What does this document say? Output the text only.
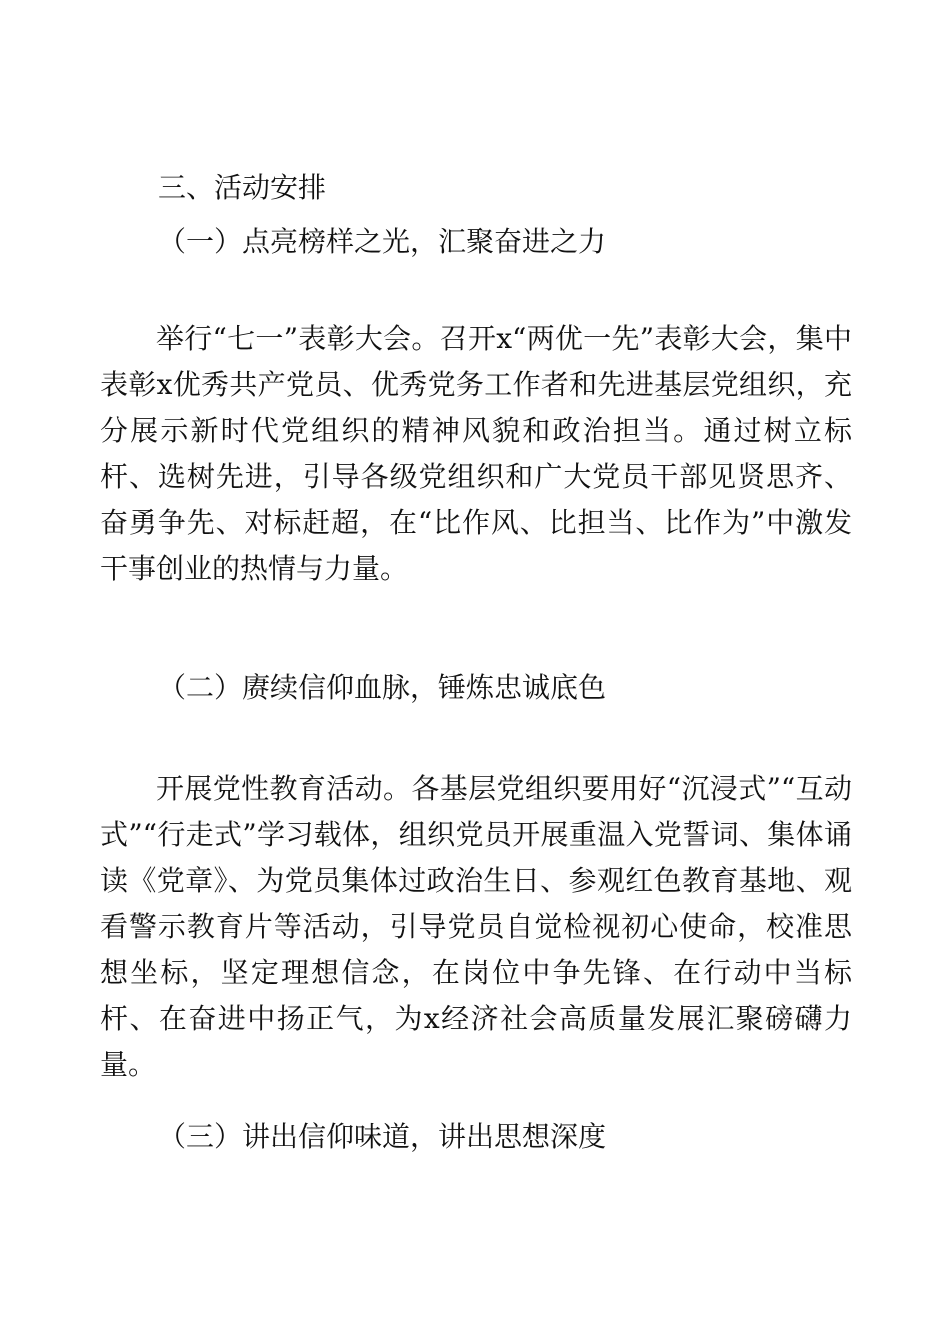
三、活动安排
（一）点亮榜样之光，汇聚奋进之力
举行“七一”表彰大会。召开x“两优一先”表彰大会，集中表彰x优秀共产党员、优秀党务工作者和先进基层党组织，充分展示新时代党组织的精神风貌和政治担当。通过树立标杆、选树先进，引导各级党组织和广大党员干部见贤思齐、奋勇争先、对标赶超，在“比作风、比担当、比作为”中激发干事创业的热情与力量。
（二）赓续信仰血脉，锤炼忠诚底色
开展党性教育活动。各基层党组织要用好“沉浸式”“互动式”“行走式”学习载体，组织党员开展重温入党誓词、集体诵读《党章》、为党员集体过政治生日、参观红色教育基地、观看警示教育片等活动，引导党员自觉检视初心使命，校准思想坐标，坚定理想信念，在岗位中争先锋、在行动中当标杆、在奋进中扬正气，为x经济社会高质量发展汇聚磅礴力量。
（三）讲出信仰味道，讲出思想深度
